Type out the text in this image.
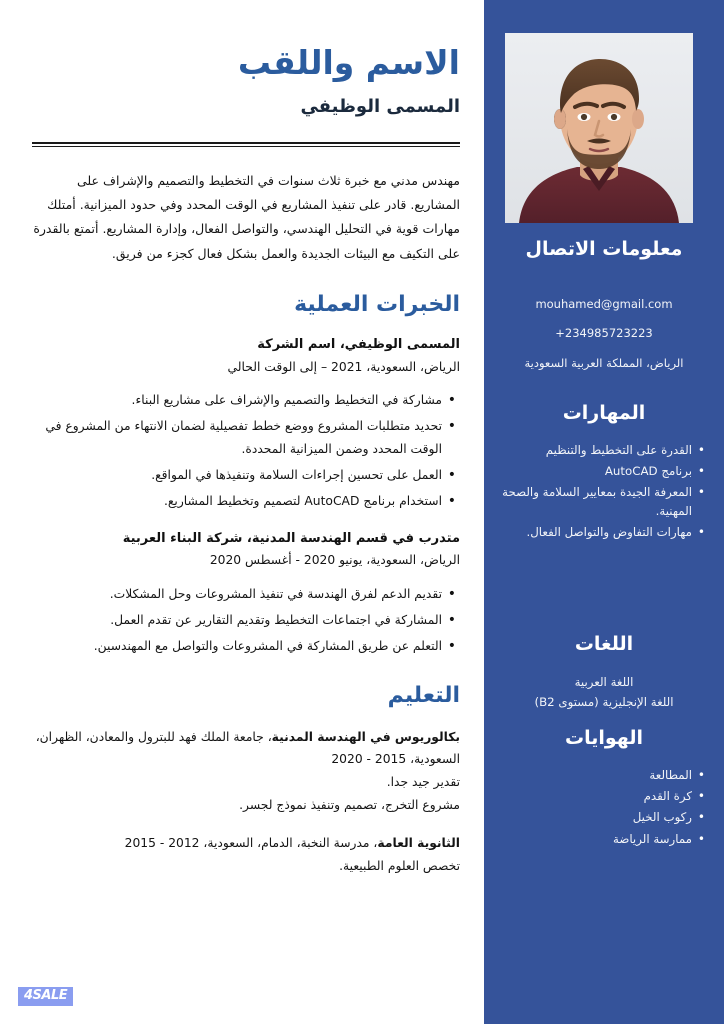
معلومات الاتصال
mouhamed@gmail.com
+234985723223
الرياض، المملكة العربية السعودية
المهارات
• القدرة على التخطيط والتنظيم
• برنامج AutoCAD
• المعرفة الجيدة بمعايير السلامة والصحة المهنية.
• مهارات التفاوض والتواصل الفعال.
اللغات
اللغة العربية
اللغة الإنجليزية (مستوى B2)
الهوايات
• المطالعة
• كرة القدم
• ركوب الخيل
• ممارسة الرياضة
الاسم واللقب

المسمى الوظيفي

مهندس مدني مع خبرة ثلاث سنوات في التخطيط والتصميم والإشراف على المشاريع. قادر على تنفيذ المشاريع في الوقت المحدد وفي حدود الميزانية. أمتلك مهارات قوية في التحليل الهندسي، والتواصل الفعال، وإدارة المشاريع. أتمتع بالقدرة على التكيف مع البيئات الجديدة والعمل بشكل فعال كجزء من فريق.

الخبرات العملية

المسمى الوظيفي، اسم الشركة

الرياض، السعودية، 2021 – إلى الوقت الحالي

• مشاركة في التخطيط والتصميم والإشراف على مشاريع البناء.
• تحديد متطلبات المشروع ووضع خطط تفصيلية لضمان الانتهاء من المشروع في الوقت المحدد وضمن الميزانية المحددة.
• العمل على تحسين إجراءات السلامة وتنفيذها في المواقع.
• استخدام برنامج AutoCAD لتصميم وتخطيط المشاريع.

متدرب في قسم الهندسة المدنية، شركة البناء العربية

الرياض، السعودية، يونيو 2020 - أغسطس 2020

• تقديم الدعم لفرق الهندسة في تنفيذ المشروعات وحل المشكلات.
• المشاركة في اجتماعات التخطيط وتقديم التقارير عن تقدم العمل.
• التعلم عن طريق المشاركة في المشروعات والتواصل مع المهندسين.
التعليم

بكالوريوس في الهندسة المدنية، جامعة الملك فهد للبترول والمعادن، الظهران، السعودية، 2015 - 2020

تقدير جيد جدا.

مشروع التخرج، تصميم وتنفيذ نموذج لجسر.

الثانوية العامة، مدرسة النخبة، الدمام، السعودية، 2012 - 2015

تخصص العلوم الطبيعية.

4SALE
